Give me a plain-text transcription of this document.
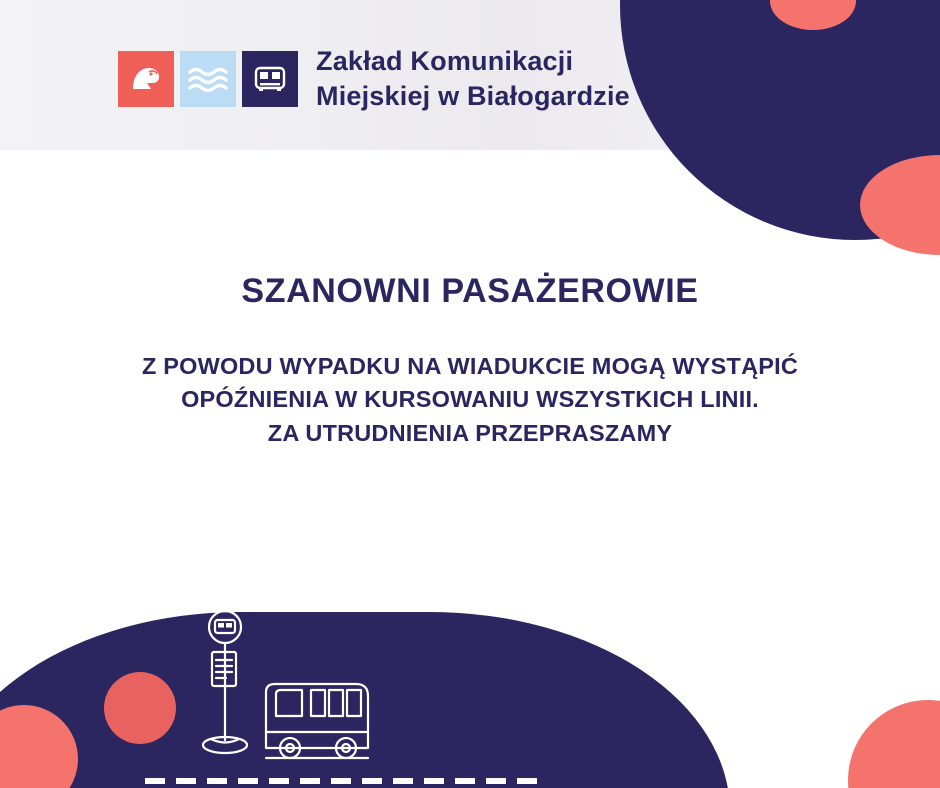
Zakład Komunikacji
Miejskiej w Białogardzie
SZANOWNI PASAŻEROWIE
Z POWODU WYPADKU NA WIADUKCIE MOGĄ WYSTĄPIĆ
OPÓŹNIENIA W KURSOWANIU WSZYSTKICH LINII.
ZA UTRUDNIENIA PRZEPRASZAMY
